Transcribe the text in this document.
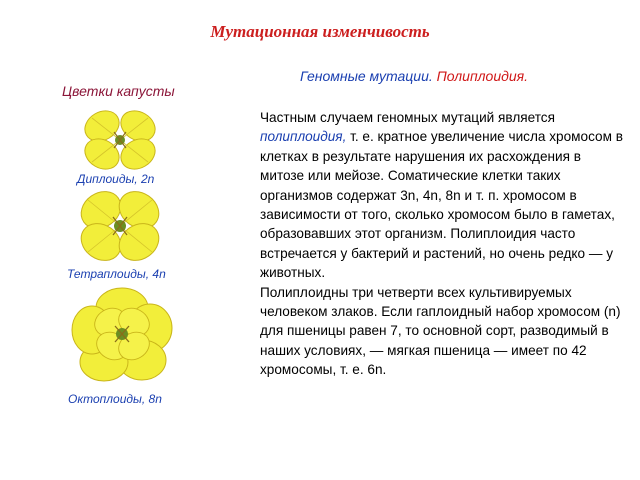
Мутационная изменчивость
Геномные мутации. Полиплоидия.
Цветки капусты
Диплоиды, 2n
Тетраплоиды, 4n
Октоплоиды, 8n

Частным случаем геномных мутаций является полиплоидия, т. е. кратное увеличение числа хромосом в клетках в результате нарушения их расхождения в митозе или мейозе. Соматические клетки таких организмов содержат 3n, 4n, 8n и т. п. хромосом в зависимости от того, сколько хромосом было в гаметах, образовавших этот организм. Полиплоидия часто встречается у бактерий и растений, но очень редко — у животных.

Полиплоидны три четверти всех культивируемых человеком злаков. Если гаплоидный набор хромосом (n) для пшеницы равен 7, то основной сорт, разводимый в наших условиях, — мягкая пшеница — имеет по 42 хромосомы, т. е. 6n.
